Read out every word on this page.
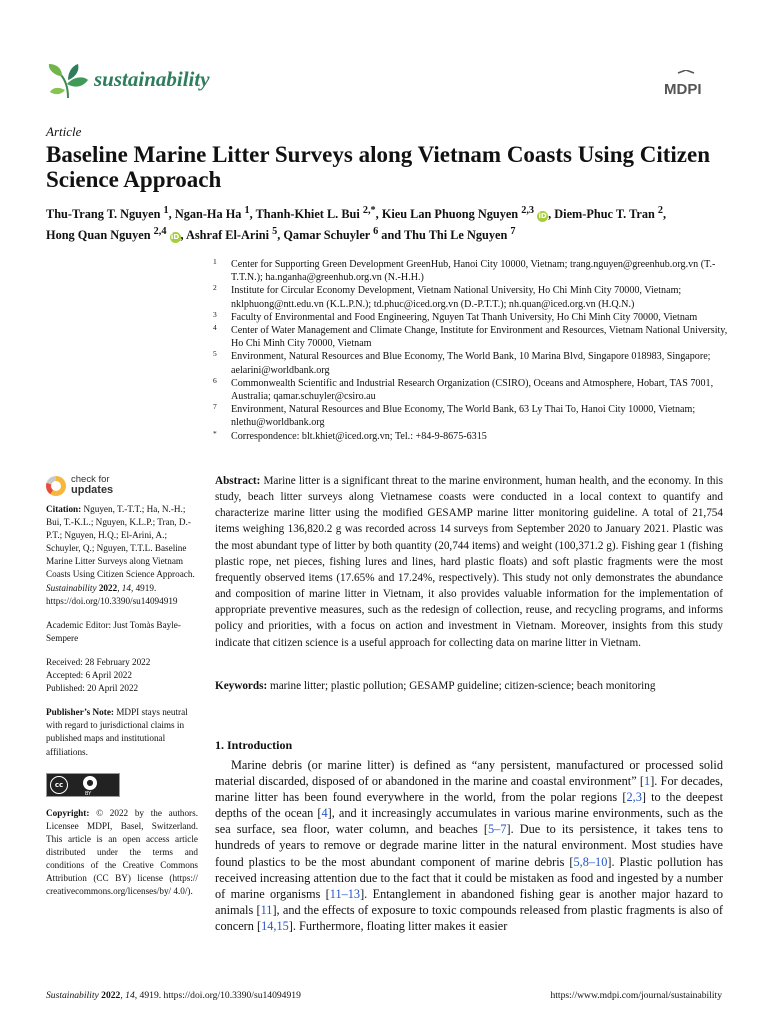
sustainability	MDPI
Article
Baseline Marine Litter Surveys along Vietnam Coasts Using Citizen Science Approach
Thu-Trang T. Nguyen $^1$, Ngan-Ha Ha $^1$, Thanh-Khiet L. Bui $^{2,*}$, Kieu Lan Phuong Nguyen $^{2,3}$ iD, Diem-Phuc T. Tran $^2$,
Hong Quan Nguyen $^{2,4}$ iD, Ashraf El-Arini $^5$, Qamar Schuyler $^6$ and Thu Thi Le Nguyen $^7$
1 Center for Supporting Green Development GreenHub, Hanoi City 10000, Vietnam; trang.nguyen@greenhub.org.vn (T.-T.T.N.); ha.nganha@greenhub.org.vn (N.-H.H.)
2 Institute for Circular Economy Development, Vietnam National University, Ho Chi Minh City 70000, Vietnam; nklphuong@ntt.edu.vn (K.L.P.N.); td.phuc@iced.org.vn (D.-P.T.T.); nh.quan@iced.org.vn (H.Q.N.)
3 Faculty of Environmental and Food Engineering, Nguyen Tat Thanh University, Ho Chi Minh City 70000, Vietnam
4 Center of Water Management and Climate Change, Institute for Environment and Resources, Vietnam National University, Ho Chi Minh City 70000, Vietnam
5 Environment, Natural Resources and Blue Economy, The World Bank, 10 Marina Blvd, Singapore 018983, Singapore; aelarini@worldbank.org
6 Commonwealth Scientific and Industrial Research Organization (CSIRO), Oceans and Atmosphere, Hobart, TAS 7001, Australia; qamar.schuyler@csiro.au
7 Environment, Natural Resources and Blue Economy, The World Bank, 63 Ly Thai To, Hanoi City 10000, Vietnam; nlethu@worldbank.org
* Correspondence: blt.khiet@iced.org.vn; Tel.: +84-9-8675-6315
check for
updates

Citation: Nguyen, T.-T.T.; Ha, N.-H.; Bui, T.-K.L.; Nguyen, K.L.P.; Tran, D.-P.T.; Nguyen, H.Q.; El-Arini, A.; Schuyler, Q.; Nguyen, T.T.L. Baseline Marine Litter Surveys along Vietnam Coasts Using Citizen Science Approach. Sustainability 2022, 14, 4919. https://doi.org/10.3390/su14094919

Academic Editor: Just Tomàs Bayle-Sempere

Received: 28 February 2022
Accepted: 6 April 2022
Published: 20 April 2022

Publisher’s Note: MDPI stays neutral with regard to jurisdictional claims in published maps and institutional affiliations.

cc	●
BY

Copyright: © 2022 by the authors. Licensee MDPI, Basel, Switzerland. This article is an open access article distributed under the terms and conditions of the Creative Commons Attribution (CC BY) license (https:// creativecommons.org/licenses/by/ 4.0/).

Abstract: Marine litter is a significant threat to the marine environment, human health, and the economy. In this study, beach litter surveys along Vietnamese coasts were conducted in a local context to quantify and characterize marine litter using the modified GESAMP marine litter monitoring guideline. A total of 21,754 items weighing 136,820.2 g was recorded across 14 surveys from September 2020 to January 2021. Plastic was the most abundant type of litter by both quantity (20,744 items) and weight (100,371.2 g). Fishing gear 1 (fishing plastic rope, net pieces, fishing lures and lines, hard plastic floats) and soft plastic fragments were the most frequently observed items (17.65% and 17.24%, respectively). This study not only demonstrates the abundance and composition of marine litter in Vietnam, it also provides valuable information for the implementation of appropriate preventive measures, such as the redesign of collection, reuse, and recycling programs, and informs policy and priorities, with a focus on action and investment in Vietnam. Moreover, insights from this study indicate that citizen science is a useful approach for collecting data on marine litter in Vietnam.
Keywords: marine litter; plastic pollution; GESAMP guideline; citizen-science; beach monitoring
1. Introduction
Marine debris (or marine litter) is defined as “any persistent, manufactured or processed solid material discarded, disposed of or abandoned in the marine and coastal environment” [1]. For decades, marine litter has been found everywhere in the world, from the polar regions [2,3] to the deepest depths of the ocean [4], and it increasingly accumulates in various marine environments, such as the sea surface, sea floor, water column, and beaches [5–7]. Due to its persistence, it takes tens to hundreds of years to remove or degrade marine litter in the natural environment. Most studies have found plastics to be the most abundant component of marine debris [5,8–10]. Plastic pollution has received increasing attention due to the fact that it could be mistaken as food and ingested by a number of marine organisms [11–13]. Entanglement in abandoned fishing gear is another major hazard to animals [11], and the effects of exposure to toxic compounds released from plastic fragments is also of concern [14,15]. Furthermore, floating litter makes it easier
Sustainability 2022, 14, 4919. https://doi.org/10.3390/su14094919	https://www.mdpi.com/journal/sustainability
